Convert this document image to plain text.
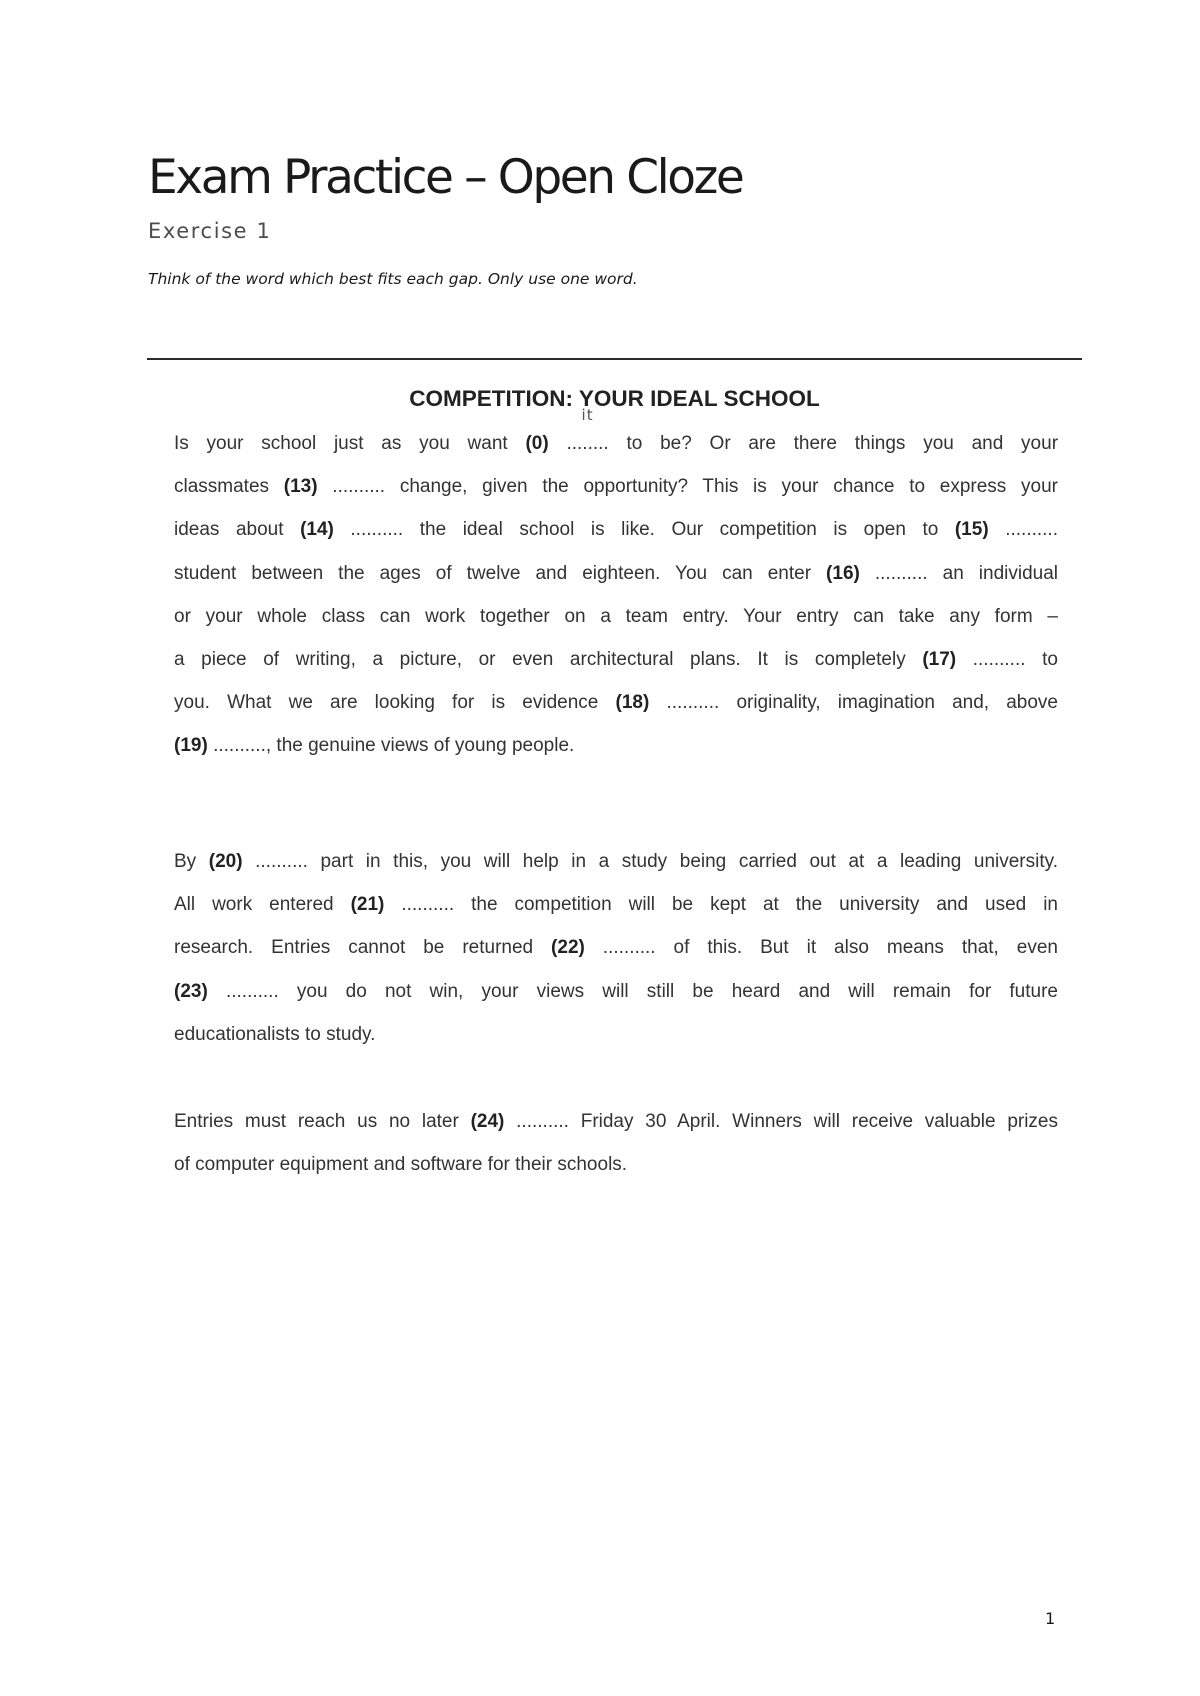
Exam Practice – Open Cloze
Exercise 1

Think of the word which best fits each gap. Only use one word.

COMPETITION: YOUR IDEAL SCHOOL
Is your school just as you want (0) ........
it
to be? Or are there things you and your
classmates (13) .......... change, given the opportunity? This is your chance to express your
ideas about (14) .......... the ideal school is like. Our competition is open to (15) ..........
student between the ages of twelve and eighteen. You can enter (16) .......... an individual
or your whole class can work together on a team entry. Your entry can take any form –
a piece of writing, a picture, or even architectural plans. It is completely (17) .......... to
you. What we are looking for is evidence (18) .......... originality, imagination and, above
(19) .........., the genuine views of young people.
By (20) .......... part in this, you will help in a study being carried out at a leading university.
All work entered (21) .......... the competition will be kept at the university and used in
research. Entries cannot be returned (22) .......... of this. But it also means that, even
(23) .......... you do not win, your views will still be heard and will remain for future
educationalists to study.
Entries must reach us no later (24) .......... Friday 30 April. Winners will receive valuable prizes
of computer equipment and software for their schools.
1
